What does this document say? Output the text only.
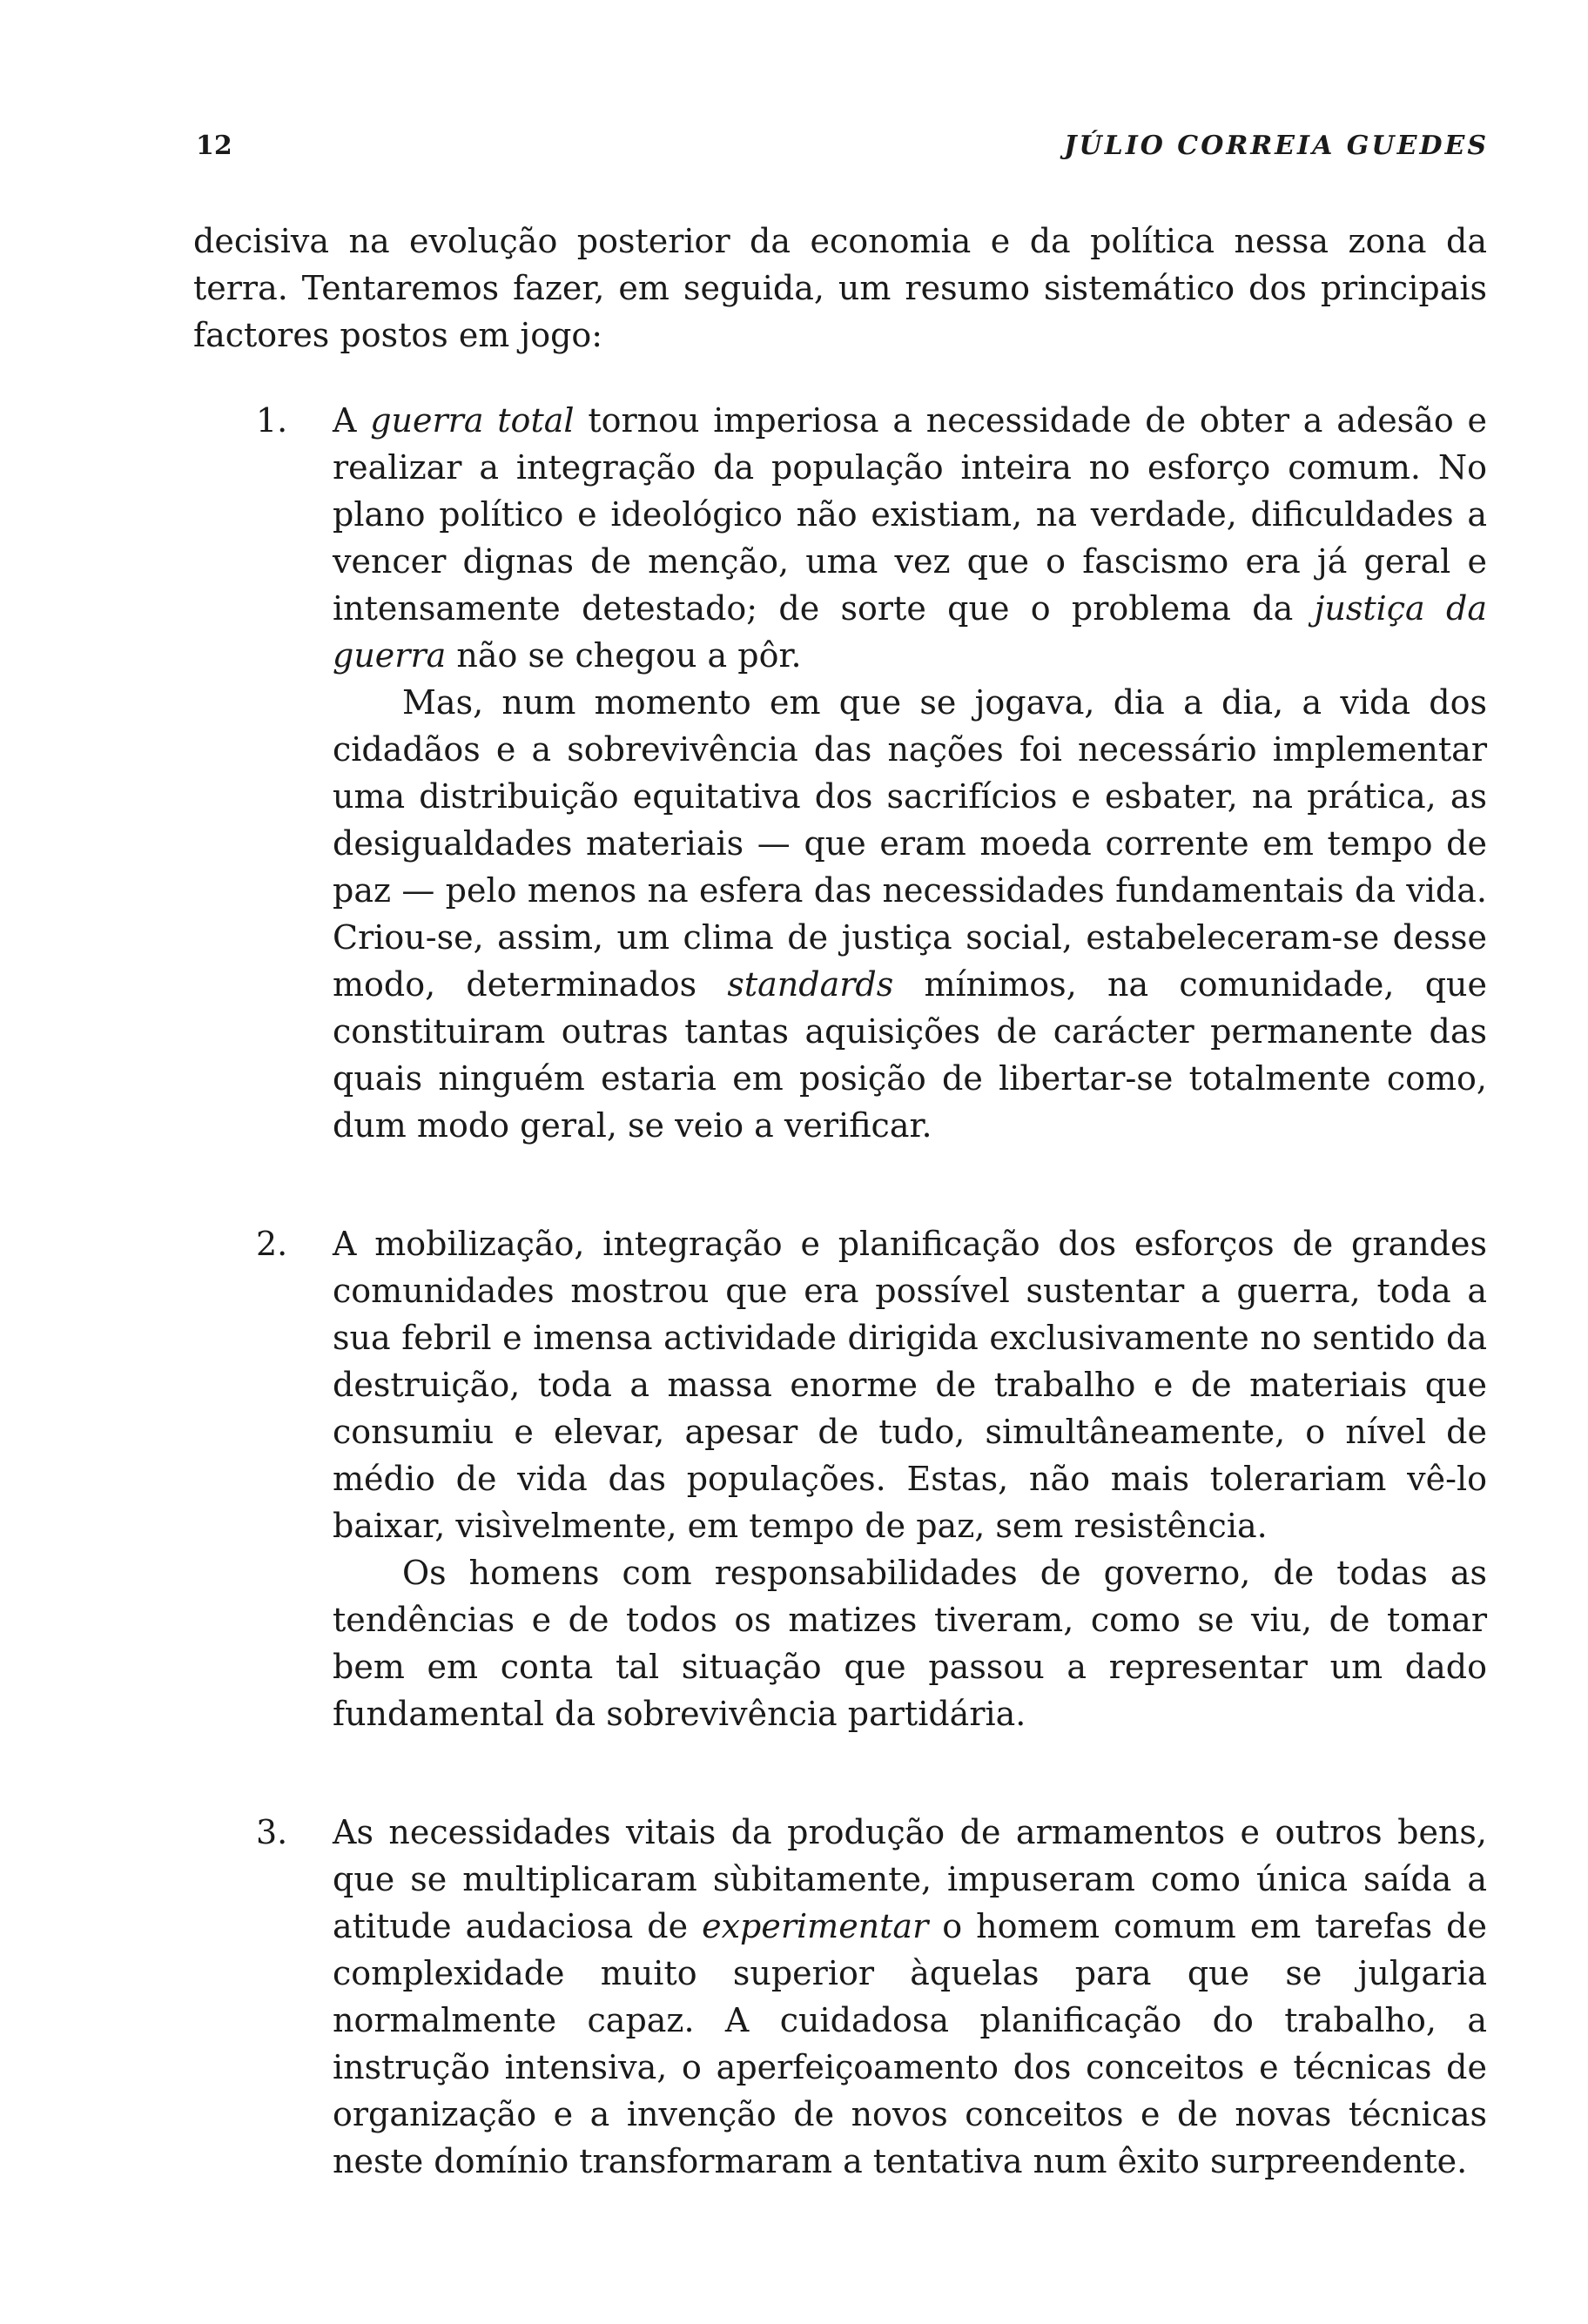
12	JÚLIO CORREIA GUEDES

decisiva na evolução posterior da economia e da política nessa zona da terra. Tentaremos fazer, em seguida, um resumo sistemático dos principais factores postos em jogo:

1. A guerra total tornou imperiosa a necessidade de obter a adesão e realizar a integração da população inteira no esforço comum. No plano político e ideológico não existiam, na verdade, dificuldades a vencer dignas de menção, uma vez que o fascismo era já geral e intensamente detestado; de sorte que o problema da justiça da guerra não se chegou a pôr.

Mas, num momento em que se jogava, dia a dia, a vida dos cidadãos e a sobrevivência das nações foi necessário implementar uma distribuição equitativa dos sacrifícios e esbater, na prática, as desigualdades materiais — que eram moeda corrente em tempo de paz — pelo menos na esfera das necessidades fundamentais da vida. Criou-se, assim, um clima de justiça social, estabeleceram-se desse modo, determinados standards mínimos, na comunidade, que constituiram outras tantas aquisições de carácter permanente das quais ninguém estaria em posição de libertar-se totalmente como, dum modo geral, se veio a verificar.

2. A mobilização, integração e planificação dos esforços de grandes comunidades mostrou que era possível sustentar a guerra, toda a sua febril e imensa actividade dirigida exclusivamente no sentido da destruição, toda a massa enorme de trabalho e de materiais que consumiu e elevar, apesar de tudo, simultâneamente, o nível de médio de vida das populações. Estas, não mais tolerariam vê-lo baixar, visìvelmente, em tempo de paz, sem resistência.

Os homens com responsabilidades de governo, de todas as tendências e de todos os matizes tiveram, como se viu, de tomar bem em conta tal situação que passou a representar um dado fundamental da sobrevivência partidária.

3. As necessidades vitais da produção de armamentos e outros bens, que se multiplicaram sùbitamente, impuseram como única saída a atitude audaciosa de experimentar o homem comum em tarefas de complexidade muito superior àquelas para que se julgaria normalmente capaz. A cuidadosa planificação do trabalho, a instrução intensiva, o aperfeiçoamento dos conceitos e técnicas de organização e a invenção de novos conceitos e de novas técnicas neste domínio transformaram a tentativa num êxito surpreendente.
